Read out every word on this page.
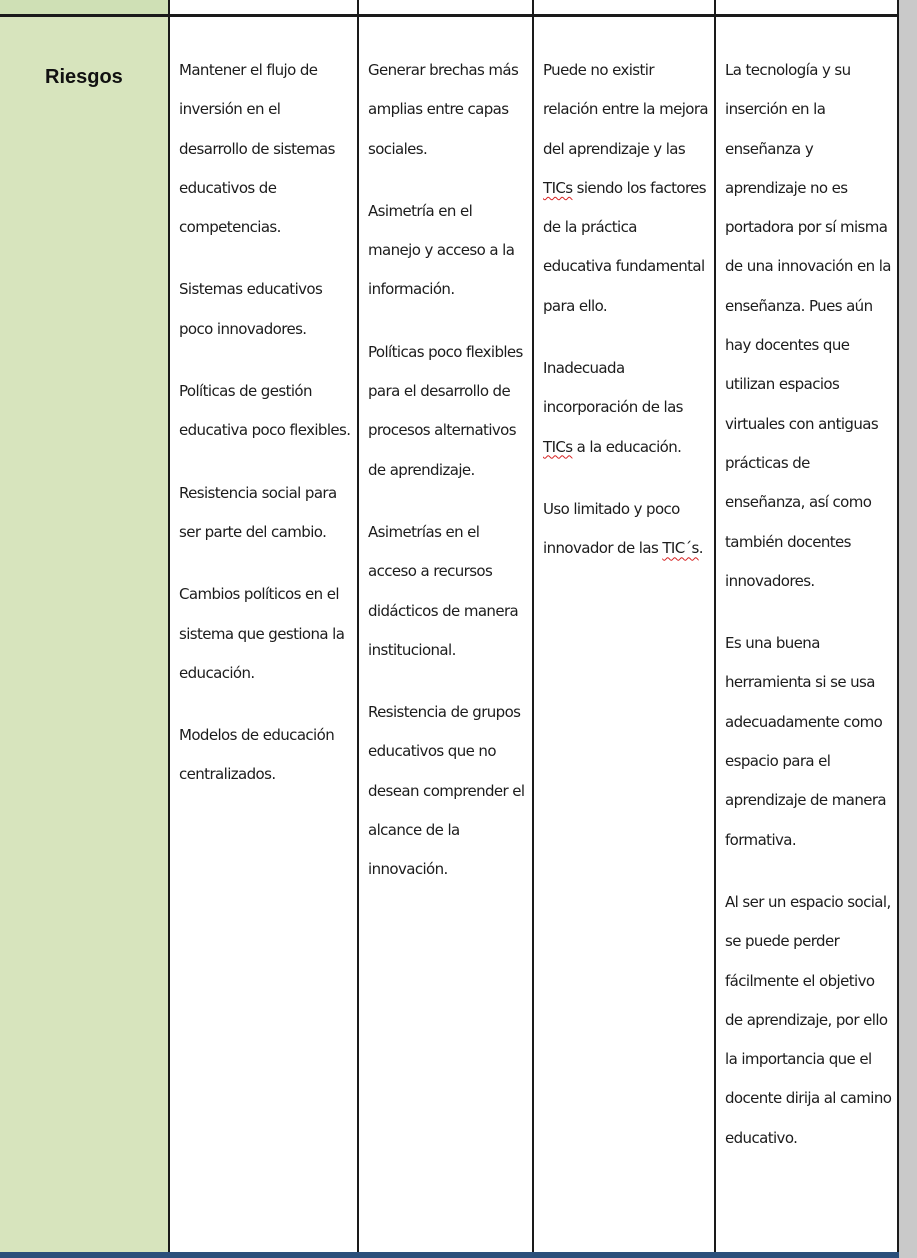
Riesgos	Mantener el flujo de inversión en el desarrollo de sistemas educativos de competencias.

Sistemas educativos poco innovadores.

Políticas de gestión educativa poco flexibles.

Resistencia social para ser parte del cambio.

Cambios políticos en el sistema que gestiona la educación.

Modelos de educación centralizados.

Generar brechas más amplias entre capas sociales.

Asimetría en el manejo y acceso a la información.

Políticas poco flexibles para el desarrollo de procesos alternativos de aprendizaje.

Asimetrías en el acceso a recursos didácticos de manera institucional.

Resistencia de grupos educativos que no desean comprender el alcance de la innovación.

Puede no existir relación entre la mejora del aprendizaje y las TICs siendo los factores de la práctica educativa fundamental para ello.

Inadecuada incorporación de las TICs a la educación.

Uso limitado y poco innovador de las TIC´s.

La tecnología y su inserción en la enseñanza y aprendizaje no es portadora por sí misma de una innovación en la enseñanza. Pues aún hay docentes que utilizan espacios virtuales con antiguas prácticas de enseñanza, así como también docentes innovadores.

Es una buena herramienta si se usa adecuadamente como espacio para el aprendizaje de manera formativa.

Al ser un espacio social, se puede perder fácilmente el objetivo de aprendizaje, por ello la importancia que el docente dirija al camino educativo.
